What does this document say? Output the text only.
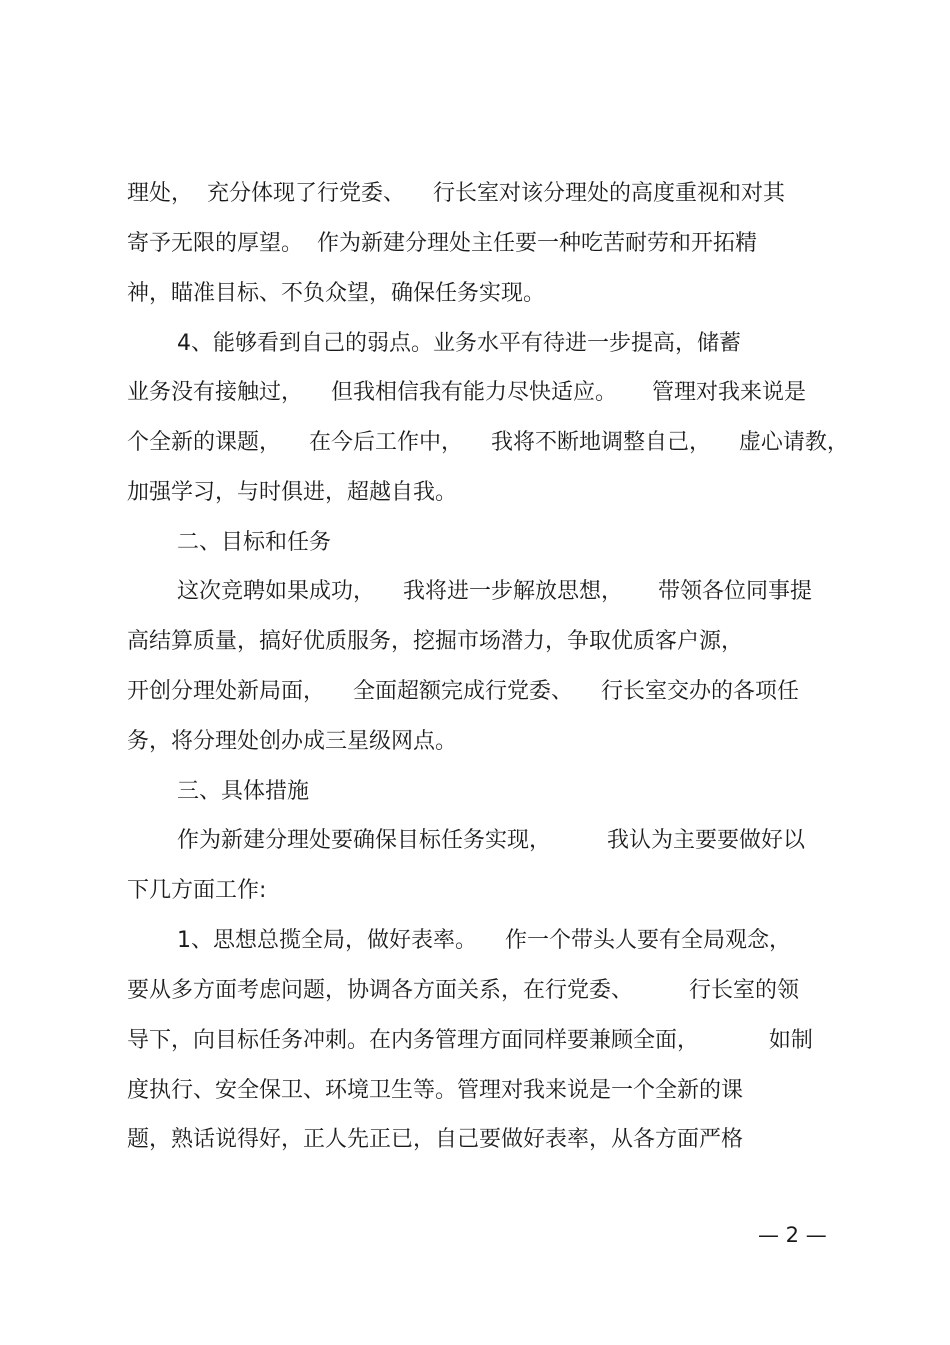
理处，  充分体现了行党委、    行长室对该分理处的高度重视和对其

寄予无限的厚望。  作为新建分理处主任要一种吃苦耐劳和开拓精

神，瞄准目标、不负众望，确保任务实现。

4、能够看到自己的弱点。业务水平有待进一步提高，储蓄

业务没有接触过，    但我相信我有能力尽快适应。     管理对我来说是

个全新的课题，    在今后工作中，    我将不断地调整自己，    虚心请教，

加强学习，与时俱进，超越自我。

二、目标和任务

这次竞聘如果成功，    我将进一步解放思想，     带领各位同事提

高结算质量，搞好优质服务，挖掘市场潜力，争取优质客户源，

开创分理处新局面，    全面超额完成行党委、    行长室交办的各项任

务，将分理处创办成三星级网点。

三、具体措施

作为新建分理处要确保目标任务实现，        我认为主要要做好以

下几方面工作:

1、思想总揽全局，做好表率。    作一个带头人要有全局观念，

要从多方面考虑问题，协调各方面关系，在行党委、        行长室的领

导下，向目标任务冲刺。在内务管理方面同样要兼顾全面，          如制

度执行、安全保卫、环境卫生等。管理对我来说是一个全新的课

题，熟话说得好，正人先正已，自己要做好表率，从各方面严格

— 2 —
